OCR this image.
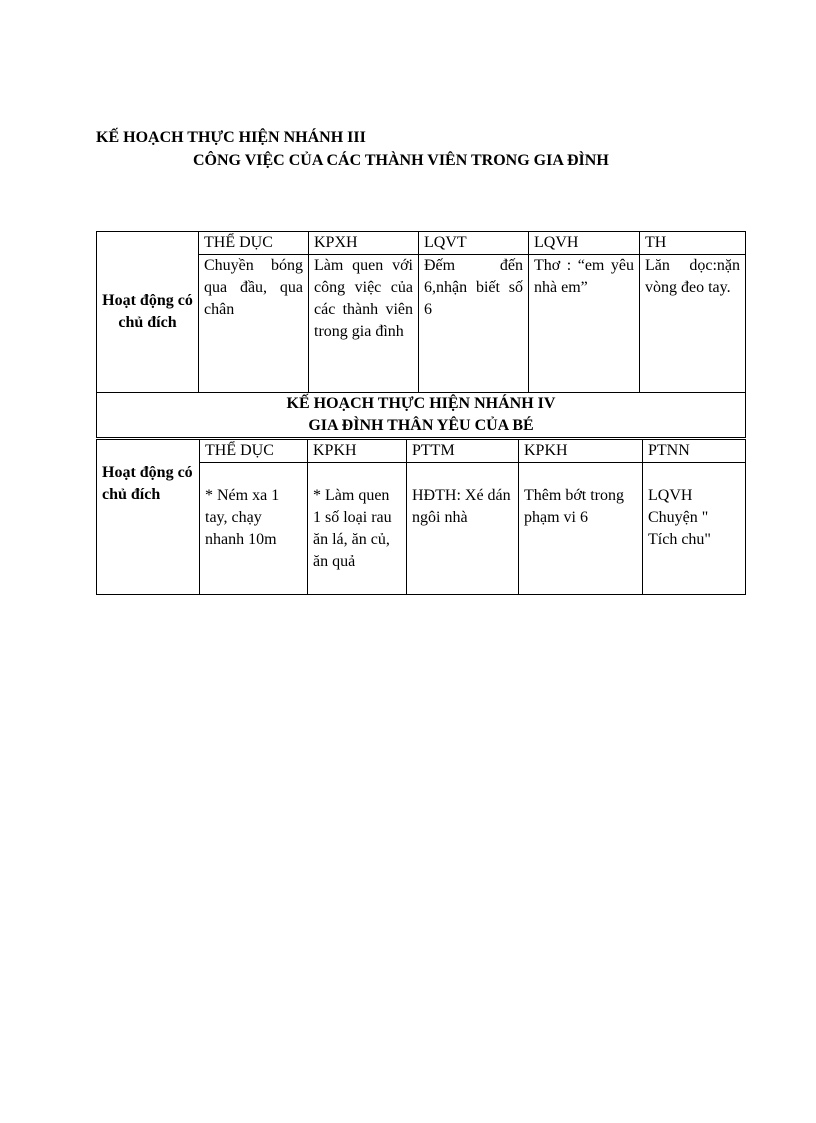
KẾ HOẠCH THỰC HIỆN NHÁNH III
CÔNG VIỆC CỦA CÁC THÀNH VIÊN TRONG GIA ĐÌNH
Hoạt động có chủ đích	THỂ DỤC	KPXH	LQVT	LQVH	TH
	Chuyền bóng qua đầu, qua chân	Làm quen với công việc của các thành viên trong gia đình	Đếm đến 6,nhận biết số 6	Thơ : “em yêu nhà em”	Lăn dọc:nặn vòng đeo tay.

KẾ HOẠCH THỰC HIỆN NHÁNH IV
GIA ĐÌNH THÂN YÊU CỦA BÉ					
Hoạt động có chủ đích	THỂ DỤC	KPKH	PTTM	KPKH	PTNN
	* Ném xa 1 tay, chạy nhanh 10m	* Làm quen 1 số loại rau ăn lá, ăn củ, ăn quả	HĐTH: Xé dán ngôi nhà	Thêm bớt trong phạm vi 6	LQVH Chuyện " Tích chu"
